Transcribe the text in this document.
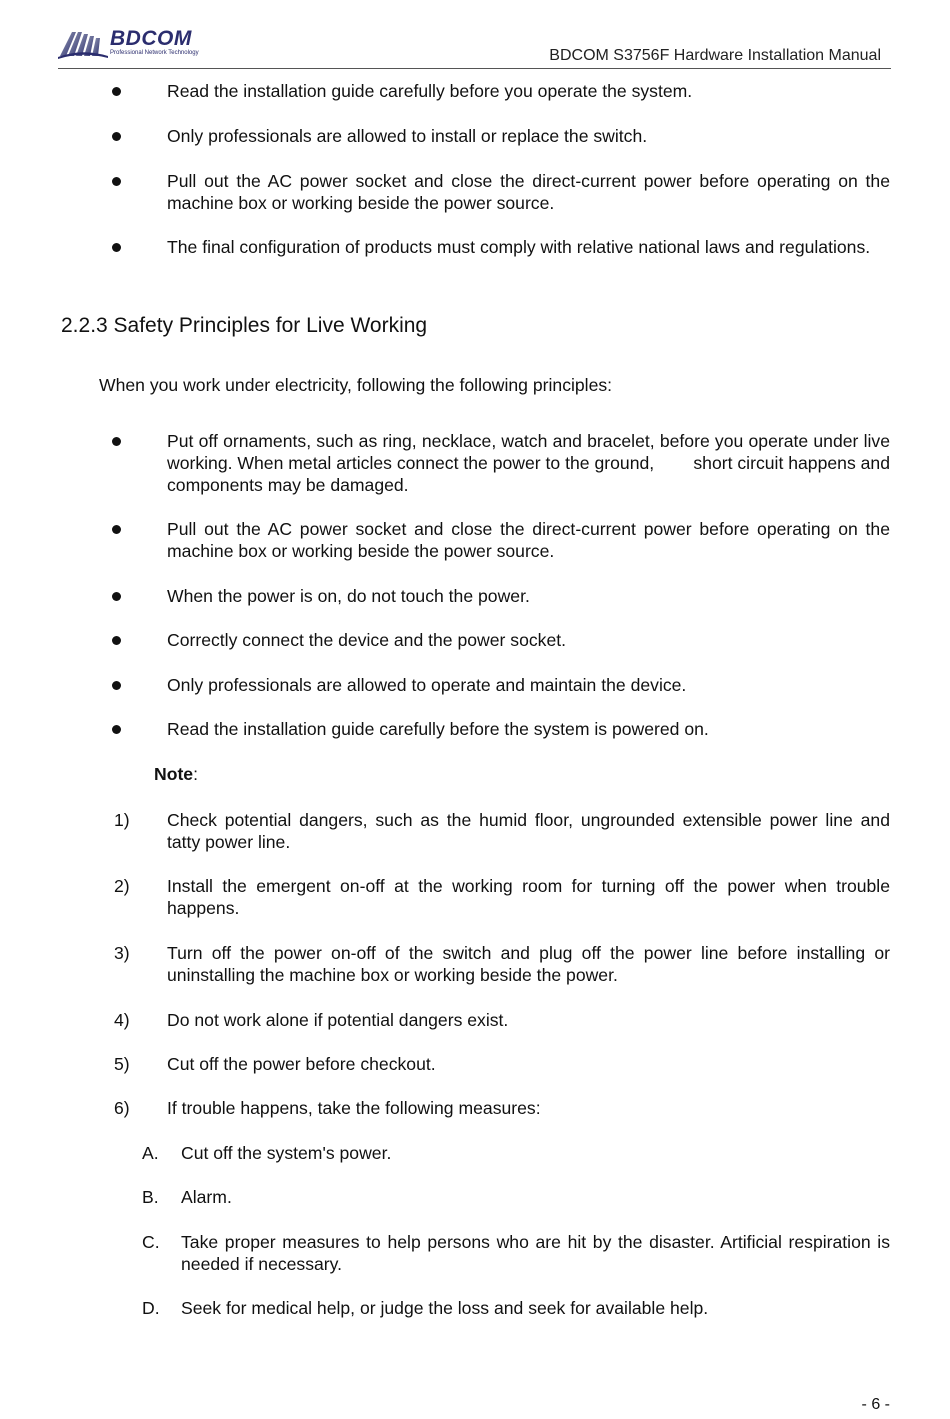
BDCOM
Professional Network Technology	BDCOM S3756F Hardware Installation Manual
Read the installation guide carefully before you operate the system.
Only professionals are allowed to install or replace the switch.
Pull out the AC power socket and close the direct-current power before operating on the machine box or working beside the power source.
The final configuration of products must comply with relative national laws and regulations.
2.2.3 Safety Principles for Live Working
When you work under electricity, following the following principles:
Put off ornaments, such as ring, necklace, watch and bracelet, before you operate under live working. When metal articles connect the power to the ground,        short circuit happens and components may be damaged.
Pull out the AC power socket and close the direct-current power before operating on the machine box or working beside the power source.
When the power is on, do not touch the power.
Correctly connect the device and the power socket.
Only professionals are allowed to operate and maintain the device.
Read the installation guide carefully before the system is powered on.
Note:
1) Check potential dangers, such as the humid floor, ungrounded extensible power line and tatty power line.
2) Install the emergent on-off at the working room for turning off the power when trouble happens.
3) Turn off the power on-off of the switch and plug off the power line before installing or uninstalling the machine box or working beside the power.
4) Do not work alone if potential dangers exist.
5) Cut off the power before checkout.
6) If trouble happens, take the following measures:
A. Cut off the system's power.
B. Alarm.
C. Take proper measures to help persons who are hit by the disaster. Artificial respiration is needed if necessary.
D. Seek for medical help, or judge the loss and seek for available help.
- 6 -
